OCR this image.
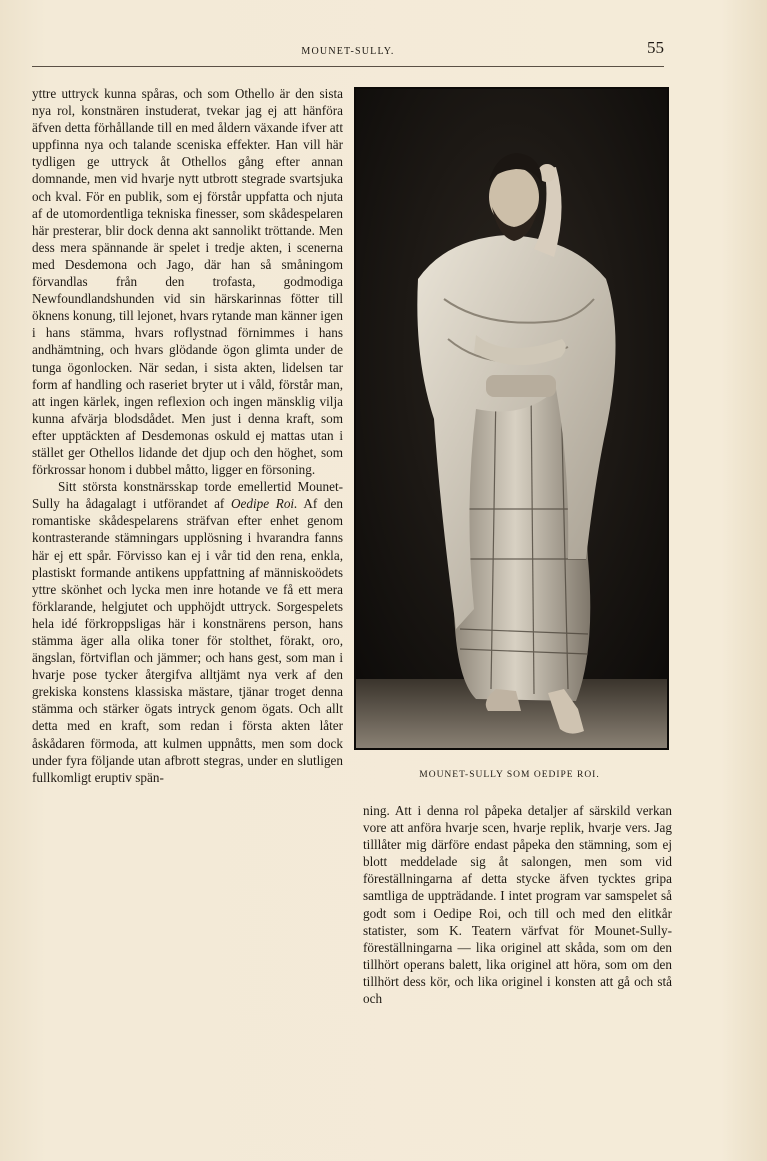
MOUNET-SULLY.	55

yttre uttryck kunna spåras, och som Othello är den sista nya rol, konstnären instuderat, tvekar jag ej att hänföra äfven detta förhållande till en med åldern växande ifver att uppfinna nya och talande sceniska effekter. Han vill här tydligen ge uttryck åt Othellos gång efter annan domnande, men vid hvarje nytt utbrott stegrade svartsjuka och kval. För en publik, som ej förstår uppfatta och njuta af de utomordentliga tekniska finesser, som skådespelaren här presterar, blir dock denna akt sannolikt tröttande. Men dess mera spännande är spelet i tredje akten, i scenerna med Desdemona och Jago, där han så småningom förvandlas från den trofasta, godmodiga Newfoundlandshunden vid sin härskarinnas fötter till öknens konung, till lejonet, hvars rytande man känner igen i hans stämma, hvars roflystnad förnimmes i hans andhämtning, och hvars glödande ögon glimta under de tunga ögonlocken. När sedan, i sista akten, lidelsen tar form af handling och raseriet bryter ut i våld, förstår man, att ingen kärlek, ingen reflexion och ingen mänsklig vilja kunna afvärja blodsdådet. Men just i denna kraft, som efter upptäckten af Desdemonas oskuld ej mattas utan i stället ger Othellos lidande det djup och den höghet, som förkrossar honom i dubbel måtto, ligger en försoning.

Sitt största konstnärsskap torde emellertid Mounet-Sully ha ådagalagt i utförandet af Oedipe Roi. Af den romantiske skådespelarens sträfvan efter enhet genom kontrasterande stämningars upplösning i hvarandra fanns här ej ett spår. Förvisso kan ej i vår tid den rena, enkla, plastiskt formande antikens uppfattning af människoödets yttre skönhet och lycka men inre hotande ve få ett mera förklarande, helgjutet och upphöjdt uttryck. Sorgespelets hela idé förkroppsligas här i konstnärens person, hans stämma äger alla olika toner för stolthet, förakt, oro, ängslan, förtviflan och jämmer; och hans gest, som man i hvarje pose tycker återgifva alltjämt nya verk af den grekiska konstens klassiska mästare, tjänar troget denna stämma och stärker ögats intryck genom ögats. Och allt detta med en kraft, som redan i första akten låter åskådaren förmoda, att kulmen uppnåtts, men som dock under fyra följande utan afbrott stegras, under en slutligen fullkomligt eruptiv spän-	MOUNET-SULLY SOM OEDIPE ROI.

ning. Att i denna rol påpeka detaljer af särskild verkan vore att anföra hvarje scen, hvarje replik, hvarje vers. Jag tilllåter mig därföre endast påpeka den stämning, som ej blott meddelade sig åt salongen, men som vid föreställningarna af detta stycke äfven tycktes gripa samtliga de uppträdande. I intet program var samspelet så godt som i Oedipe Roi, och till och med den elitkår statister, som K. Teatern värfvat för Mounet-Sully-föreställningarna — lika originel att skåda, som om den tillhört operans balett, lika originel att höra, som om den tillhört dess kör, och lika originel i konsten att gå och stå och
